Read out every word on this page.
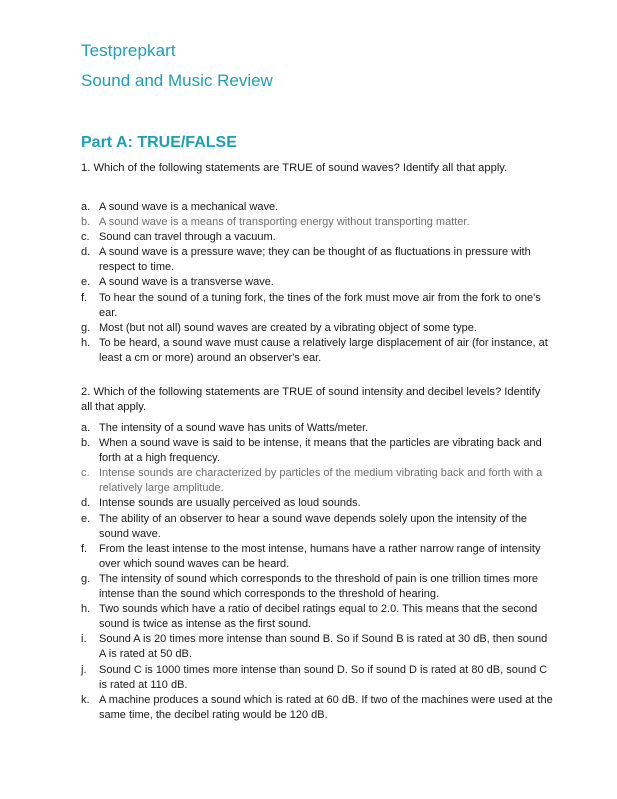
Testprepkart
Sound and Music Review
Part A: TRUE/FALSE
1. Which of the following statements are TRUE of sound waves? Identify all that apply.
a. A sound wave is a mechanical wave.
b. A sound wave is a means of transporting energy without transporting matter.
c. Sound can travel through a vacuum.
d. A sound wave is a pressure wave; they can be thought of as fluctuations in pressure with respect to time.
e. A sound wave is a transverse wave.
f.	To hear the sound of a tuning fork, the tines of the fork must move air from the fork to one's ear.
g. Most (but not all) sound waves are created by a vibrating object of some type.
h. To be heard, a sound wave must cause a relatively large displacement of air (for instance, at least a cm or more) around an observer's ear.
2. Which of the following statements are TRUE of sound intensity and decibel levels? Identify all that apply.
a. The intensity of a sound wave has units of Watts/meter.
b. When a sound wave is said to be intense, it means that the particles are vibrating back and forth at a high frequency.
c. Intense sounds are characterized by particles of the medium vibrating back and forth with a relatively large amplitude.
d. Intense sounds are usually perceived as loud sounds.
e. The ability of an observer to hear a sound wave depends solely upon the intensity of the sound wave.
f.	From the least intense to the most intense, humans have a rather narrow range of intensity over which sound waves can be heard.
g. The intensity of sound which corresponds to the threshold of pain is one trillion times more intense than the sound which corresponds to the threshold of hearing.
h. Two sounds which have a ratio of decibel ratings equal to 2.0. This means that the second sound is twice as intense as the first sound.
i.	Sound A is 20 times more intense than sound B. So if Sound B is rated at 30 dB, then sound A is rated at 50 dB.
j.	Sound C is 1000 times more intense than sound D. So if sound D is rated at 80 dB, sound C is rated at 110 dB.
k. A machine produces a sound which is rated at 60 dB. If two of the machines were used at the same time, the decibel rating would be 120 dB.
